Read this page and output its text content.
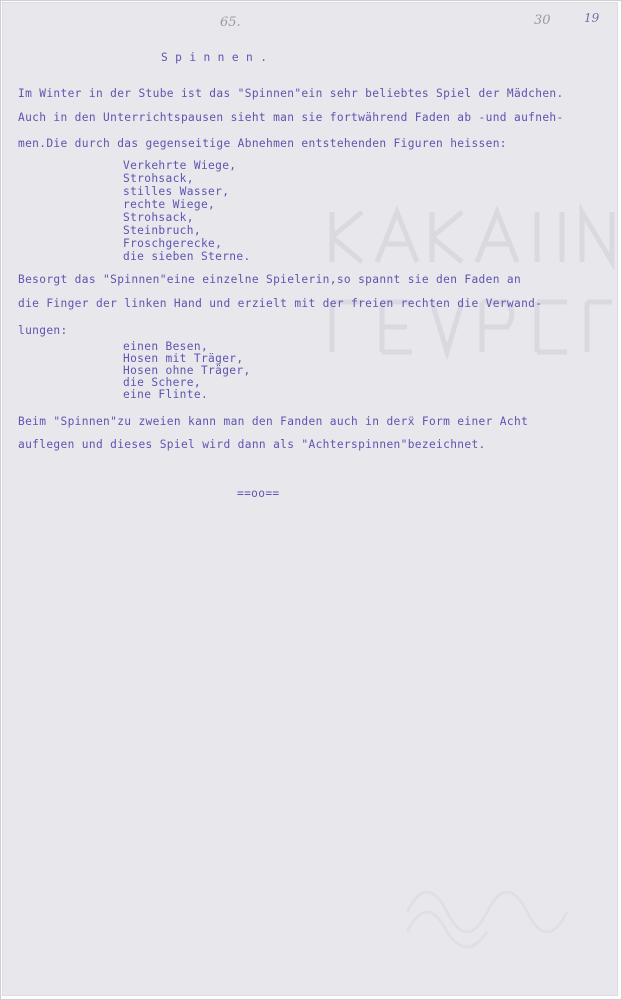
65.	30	19
S p i n n e n .
Im Winter in der Stube ist das "Spinnen"ein sehr beliebtes Spiel der Mädchen.
Auch in den Unterrichtspausen sieht man sie fortwährend Faden ab -und aufneh-
men.Die durch das gegenseitige Abnehmen entstehenden Figuren heissen:
Verkehrte Wiege,
Strohsack,
stilles Wasser,
rechte Wiege,
Strohsack,
Steinbruch,
Froschgerecke,
die sieben Sterne.
Besorgt das "Spinnen"eine einzelne Spielerin,so spannt sie den Faden an
die Finger der linken Hand und erzielt mit der freien rechten die Verwand-
lungen:
einen Besen,
Hosen mit Träger,
Hosen ohne Träger,
die Schere,
eine Flinte.
Beim "Spinnen"zu zweien kann man den Fanden auch in derẍ Form einer Acht
auflegen und dieses Spiel wird dann als "Achterspinnen"bezeichnet.
==oo==
